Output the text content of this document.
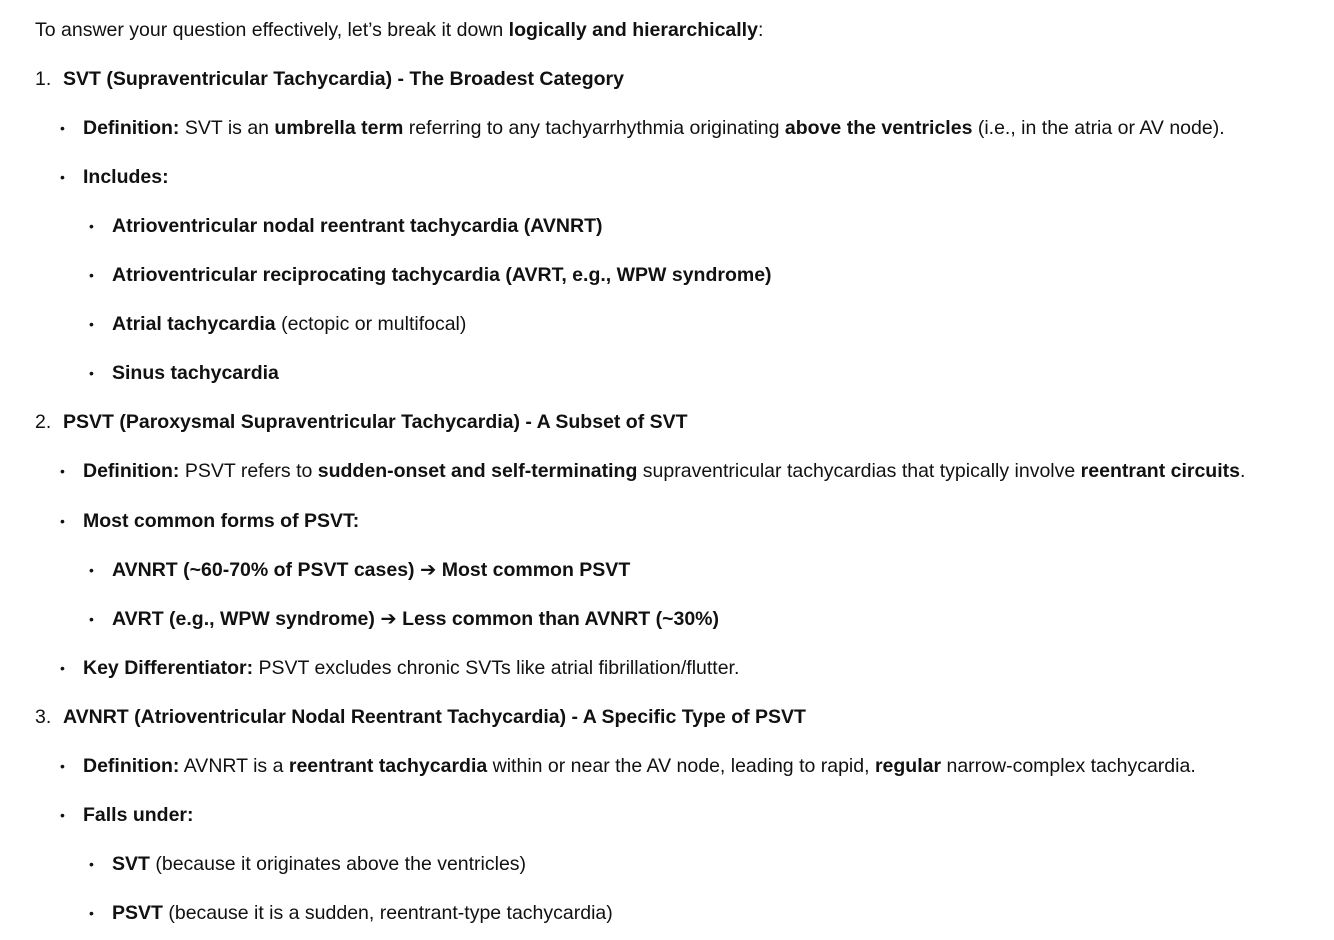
To answer your question effectively, let’s break it down logically and hierarchically:
1. SVT (Supraventricular Tachycardia) - The Broadest Category
• Definition: SVT is an umbrella term referring to any tachyarrhythmia originating above the ventricles (i.e., in the atria or AV node).
• Includes:
• Atrioventricular nodal reentrant tachycardia (AVNRT)
• Atrioventricular reciprocating tachycardia (AVRT, e.g., WPW syndrome)
• Atrial tachycardia (ectopic or multifocal)
• Sinus tachycardia
2. PSVT (Paroxysmal Supraventricular Tachycardia) - A Subset of SVT
• Definition: PSVT refers to sudden-onset and self-terminating supraventricular tachycardias that typically involve reentrant circuits.
• Most common forms of PSVT:
• AVNRT (~60-70% of PSVT cases) ➔ Most common PSVT
• AVRT (e.g., WPW syndrome) ➔ Less common than AVNRT (~30%)
• Key Differentiator: PSVT excludes chronic SVTs like atrial fibrillation/flutter.
3. AVNRT (Atrioventricular Nodal Reentrant Tachycardia) - A Specific Type of PSVT
• Definition: AVNRT is a reentrant tachycardia within or near the AV node, leading to rapid, regular narrow-complex tachycardia.
• Falls under:
• SVT (because it originates above the ventricles)
• PSVT (because it is a sudden, reentrant-type tachycardia)
